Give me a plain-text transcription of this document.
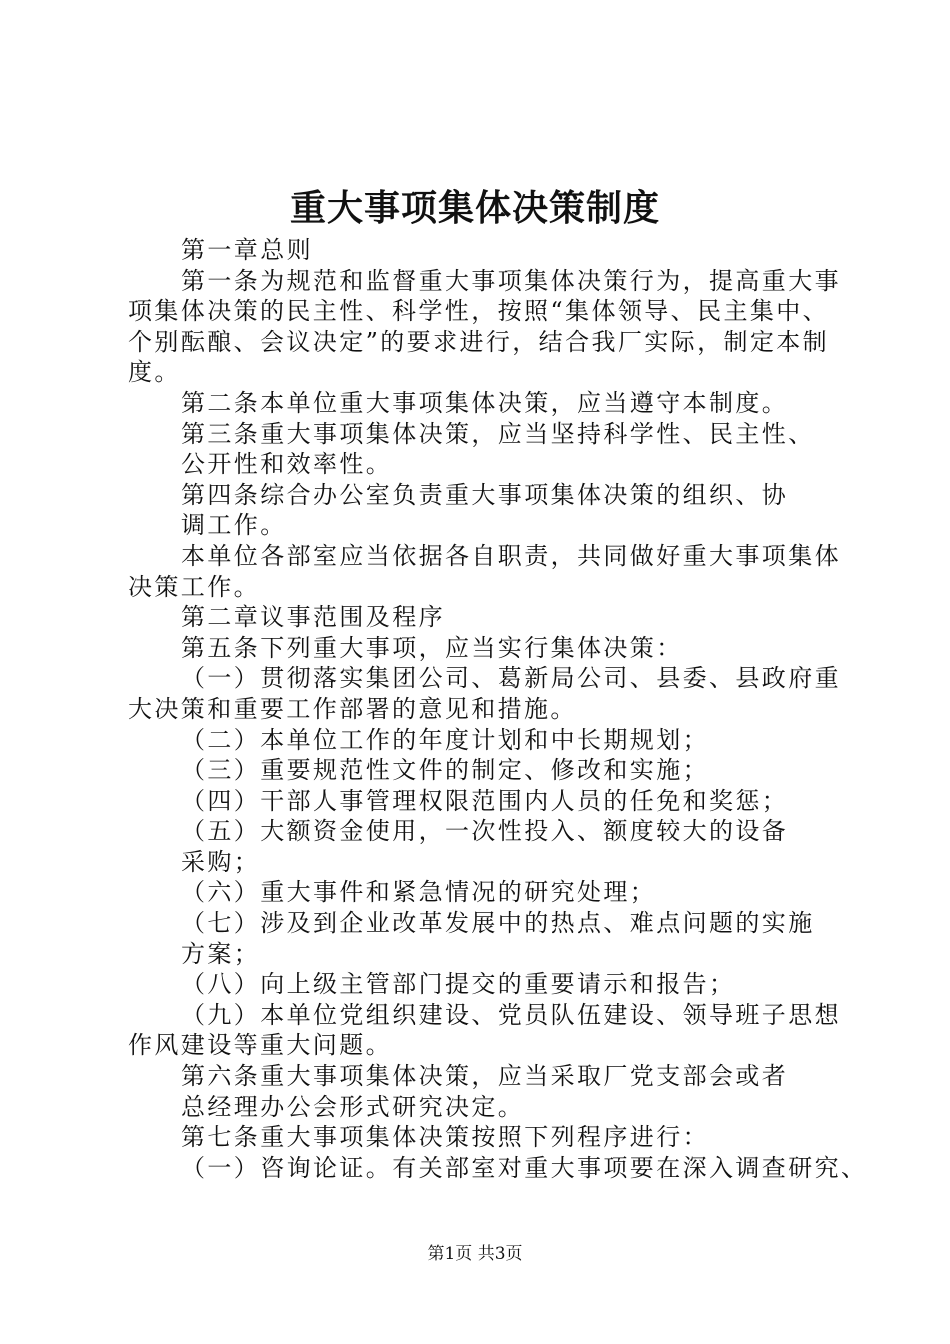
重大事项集体决策制度
第一章总则
第一条为规范和监督重大事项集体决策行为，提高重大事
项集体决策的民主性、科学性，按照“集体领导、民主集中、
个别酝酿、会议决定”的要求进行，结合我厂实际，制定本制
度。
第二条本单位重大事项集体决策，应当遵守本制度。
第三条重大事项集体决策，应当坚持科学性、民主性、
公开性和效率性。
第四条综合办公室负责重大事项集体决策的组织、协
调工作。
本单位各部室应当依据各自职责，共同做好重大事项集体
决策工作。
第二章议事范围及程序
第五条下列重大事项，应当实行集体决策：
（一）贯彻落实集团公司、葛新局公司、县委、县政府重
大决策和重要工作部署的意见和措施。
（二）本单位工作的年度计划和中长期规划；
（三）重要规范性文件的制定、修改和实施；
（四）干部人事管理权限范围内人员的任免和奖惩；
（五）大额资金使用，一次性投入、额度较大的设备
采购；
（六）重大事件和紧急情况的研究处理；
（七）涉及到企业改革发展中的热点、难点问题的实施
方案；
（八）向上级主管部门提交的重要请示和报告；
（九）本单位党组织建设、党员队伍建设、领导班子思想
作风建设等重大问题。
第六条重大事项集体决策，应当采取厂党支部会或者
总经理办公会形式研究决定。
第七条重大事项集体决策按照下列程序进行：
（一）咨询论证。有关部室对重大事项要在深入调查研究、
第1页 共3页
